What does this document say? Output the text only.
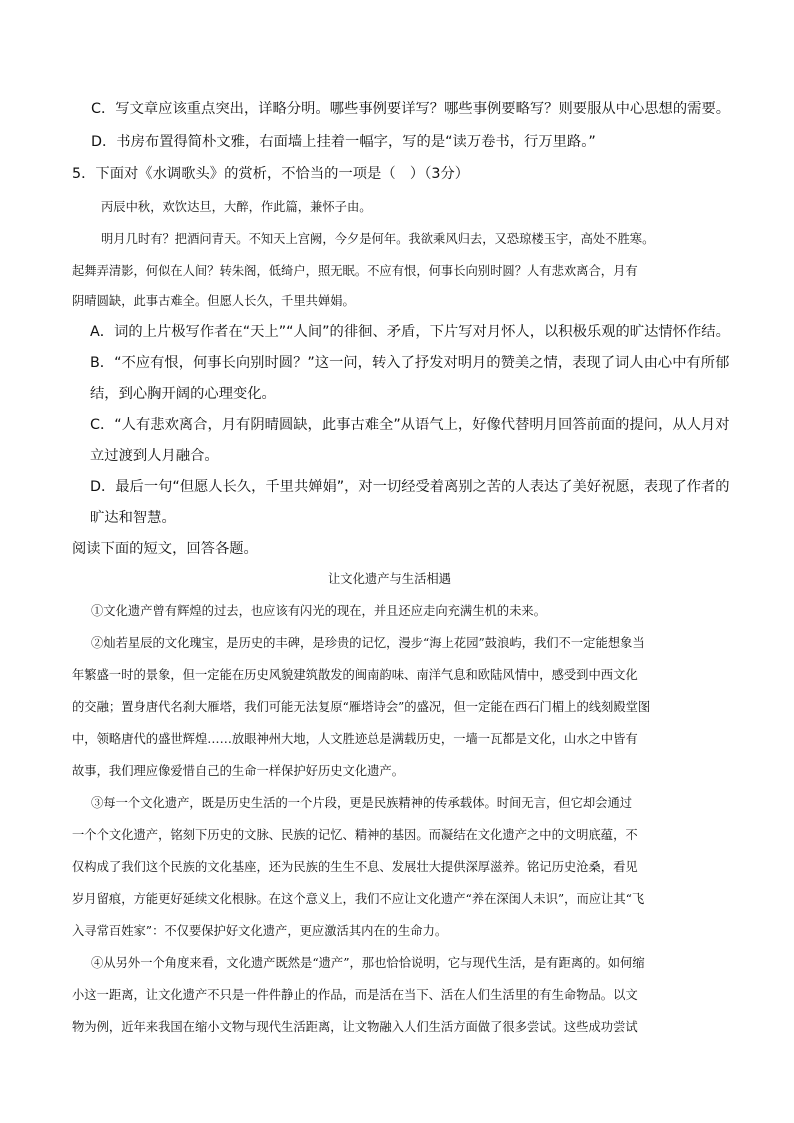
C．写文章应该重点突出，详略分明。哪些事例要详写？哪些事例要略写？则要服从中心思想的需要。
D．书房布置得简朴文雅，右面墙上挂着一幅字，写的是“读万卷书，行万里路。”
5．下面对《水调歌头》的赏析，不恰当的一项是（　）（3分）
丙辰中秋，欢饮达旦，大醉，作此篇，兼怀子由。
明月几时有？把酒问青天。不知天上宫阙，今夕是何年。我欲乘风归去，又恐琼楼玉宇，高处不胜寒。
起舞弄清影，何似在人间？转朱阁，低绮户，照无眠。不应有恨，何事长向别时圆？人有悲欢离合，月有
阴晴圆缺，此事古难全。但愿人长久，千里共婵娟。
A．词的上片极写作者在“天上”“人间”的徘徊、矛盾，下片写对月怀人，以积极乐观的旷达情怀作结。
B．“不应有恨，何事长向别时圆？”这一问，转入了抒发对明月的赞美之情，表现了词人由心中有所郁
结，到心胸开阔的心理变化。
C．“人有悲欢离合，月有阴晴圆缺，此事古难全”从语气上，好像代替明月回答前面的提问，从人月对
立过渡到人月融合。
D．最后一句“但愿人长久，千里共婵娟”，对一切经受着离别之苦的人表达了美好祝愿，表现了作者的
旷达和智慧。
阅读下面的短文，回答各题。
让文化遗产与生活相遇
①文化遗产曾有辉煌的过去，也应该有闪光的现在，并且还应走向充满生机的未来。
②灿若星辰的文化瑰宝，是历史的丰碑，是珍贵的记忆，漫步“海上花园”鼓浪屿，我们不一定能想象当
年繁盛一时的景象，但一定能在历史风貌建筑散发的闽南韵味、南洋气息和欧陆风情中，感受到中西文化
的交融；置身唐代名刹大雁塔，我们可能无法复原“雁塔诗会”的盛况，但一定能在西石门楣上的线刻殿堂图
中，领略唐代的盛世辉煌……放眼神州大地，人文胜迹总是满载历史，一墙一瓦都是文化，山水之中皆有
故事，我们理应像爱惜自己的生命一样保护好历史文化遗产。
③每一个文化遗产，既是历史生活的一个片段，更是民族精神的传承载体。时间无言，但它却会通过
一个个文化遗产，铭刻下历史的文脉、民族的记忆、精神的基因。而凝结在文化遗产之中的文明底蕴，不
仅构成了我们这个民族的文化基座，还为民族的生生不息、发展壮大提供深厚滋养。铭记历史沧桑，看见
岁月留痕，方能更好延续文化根脉。在这个意义上，我们不应让文化遗产“养在深闺人未识”，而应让其“飞
入寻常百姓家”：不仅要保护好文化遗产，更应激活其内在的生命力。
④从另外一个角度来看，文化遗产既然是“遗产”，那也恰恰说明，它与现代生活，是有距离的。如何缩
小这一距离，让文化遗产不只是一件件静止的作品，而是活在当下、活在人们生活里的有生命物品。以文
物为例，近年来我国在缩小文物与现代生活距离，让文物融入人们生活方面做了很多尝试。这些成功尝试
